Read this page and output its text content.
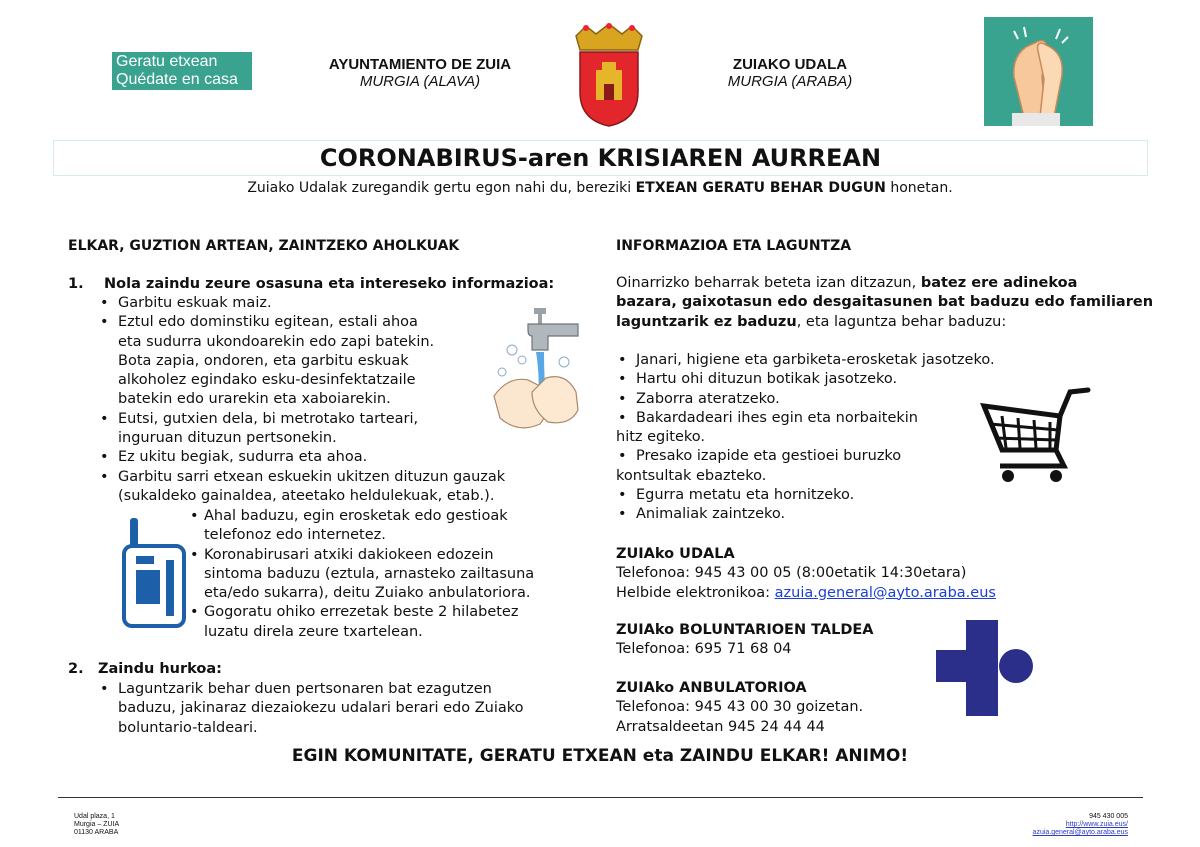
Geratu etxean
Quédate en casa
AYUNTAMIENTO DE ZUIA
MURGIA (ALAVA)
ZUIAKO UDALA
MURGIA (ARABA)
CORONABIRUS-aren KRISIAREN AURREAN
Zuiako Udalak zuregandik gertu egon nahi du, bereziki ETXEAN GERATU BEHAR DUGUN honetan.
ELKAR, GUZTION ARTEAN, ZAINTZEKO AHOLKUAK
1. Nola zaindu zeure osasuna eta intereseko informazioa:
• Garbitu eskuak maiz.
• Eztul edo dominstiku egitean, estali ahoa
eta sudurra ukondoarekin edo zapi batekin.
Bota zapia, ondoren, eta garbitu eskuak
alkoholez egindako esku-desinfektatzaile
batekin edo urarekin eta xaboiarekin.
• Eutsi, gutxien dela, bi metrotako tarteari,
inguruan dituzun pertsonekin.
• Ez ukitu begiak, sudurra eta ahoa.
• Garbitu sarri etxean eskuekin ukitzen dituzun gauzak
(sukaldeko gainaldea, ateetako heldulekuak, etab.).
• Ahal baduzu, egin erosketak edo gestioak
telefonoz edo internetez.
• Koronabirusari atxiki dakiokeen edozein
sintoma baduzu (eztula, arnasteko zailtasuna
eta/edo sukarra), deitu Zuiako anbulatoriora.
• Gogoratu ohiko errezetak beste 2 hilabetez
luzatu direla zeure txartelean.
2. Zaindu hurkoa:
• Laguntzarik behar duen pertsonaren bat ezagutzen
baduzu, jakinaraz diezaiokezu udalari berari edo Zuiako
boluntario-taldeari.
INFORMAZIOA ETA LAGUNTZA
Oinarrizko beharrak beteta izan ditzazun, batez ere adinekoa
bazara, gaixotasun edo desgaitasunen bat baduzu edo familiaren
laguntzarik ez baduzu, eta laguntza behar baduzu:
• Janari, higiene eta garbiketa-erosketak jasotzeko.
• Hartu ohi dituzun botikak jasotzeko.
• Zaborra ateratzeko.
• Bakardadeari ihes egin eta norbaitekin
hitz egiteko.
• Presako izapide eta gestioei buruzko
kontsultak ebazteko.
• Egurra metatu eta hornitzeko.
• Animaliak zaintzeko.
ZUIAko UDALA
Telefonoa: 945 43 00 05 (8:00etatik 14:30etara)
Helbide elektronikoa: azuia.general@ayto.araba.eus
ZUIAko BOLUNTARIOEN TALDEA
Telefonoa: 695 71 68 04
ZUIAko ANBULATORIOA
Telefonoa: 945 43 00 30 goizetan.
Arratsaldeetan 945 24 44 44
EGIN KOMUNITATE, GERATU ETXEAN eta ZAINDU ELKAR! ANIMO!
Udal plaza, 1
Murgia – ZUIA
01130 ARABA
945 430 005
http://www.zuia.eus/
azuia.general@ayto.araba.eus
